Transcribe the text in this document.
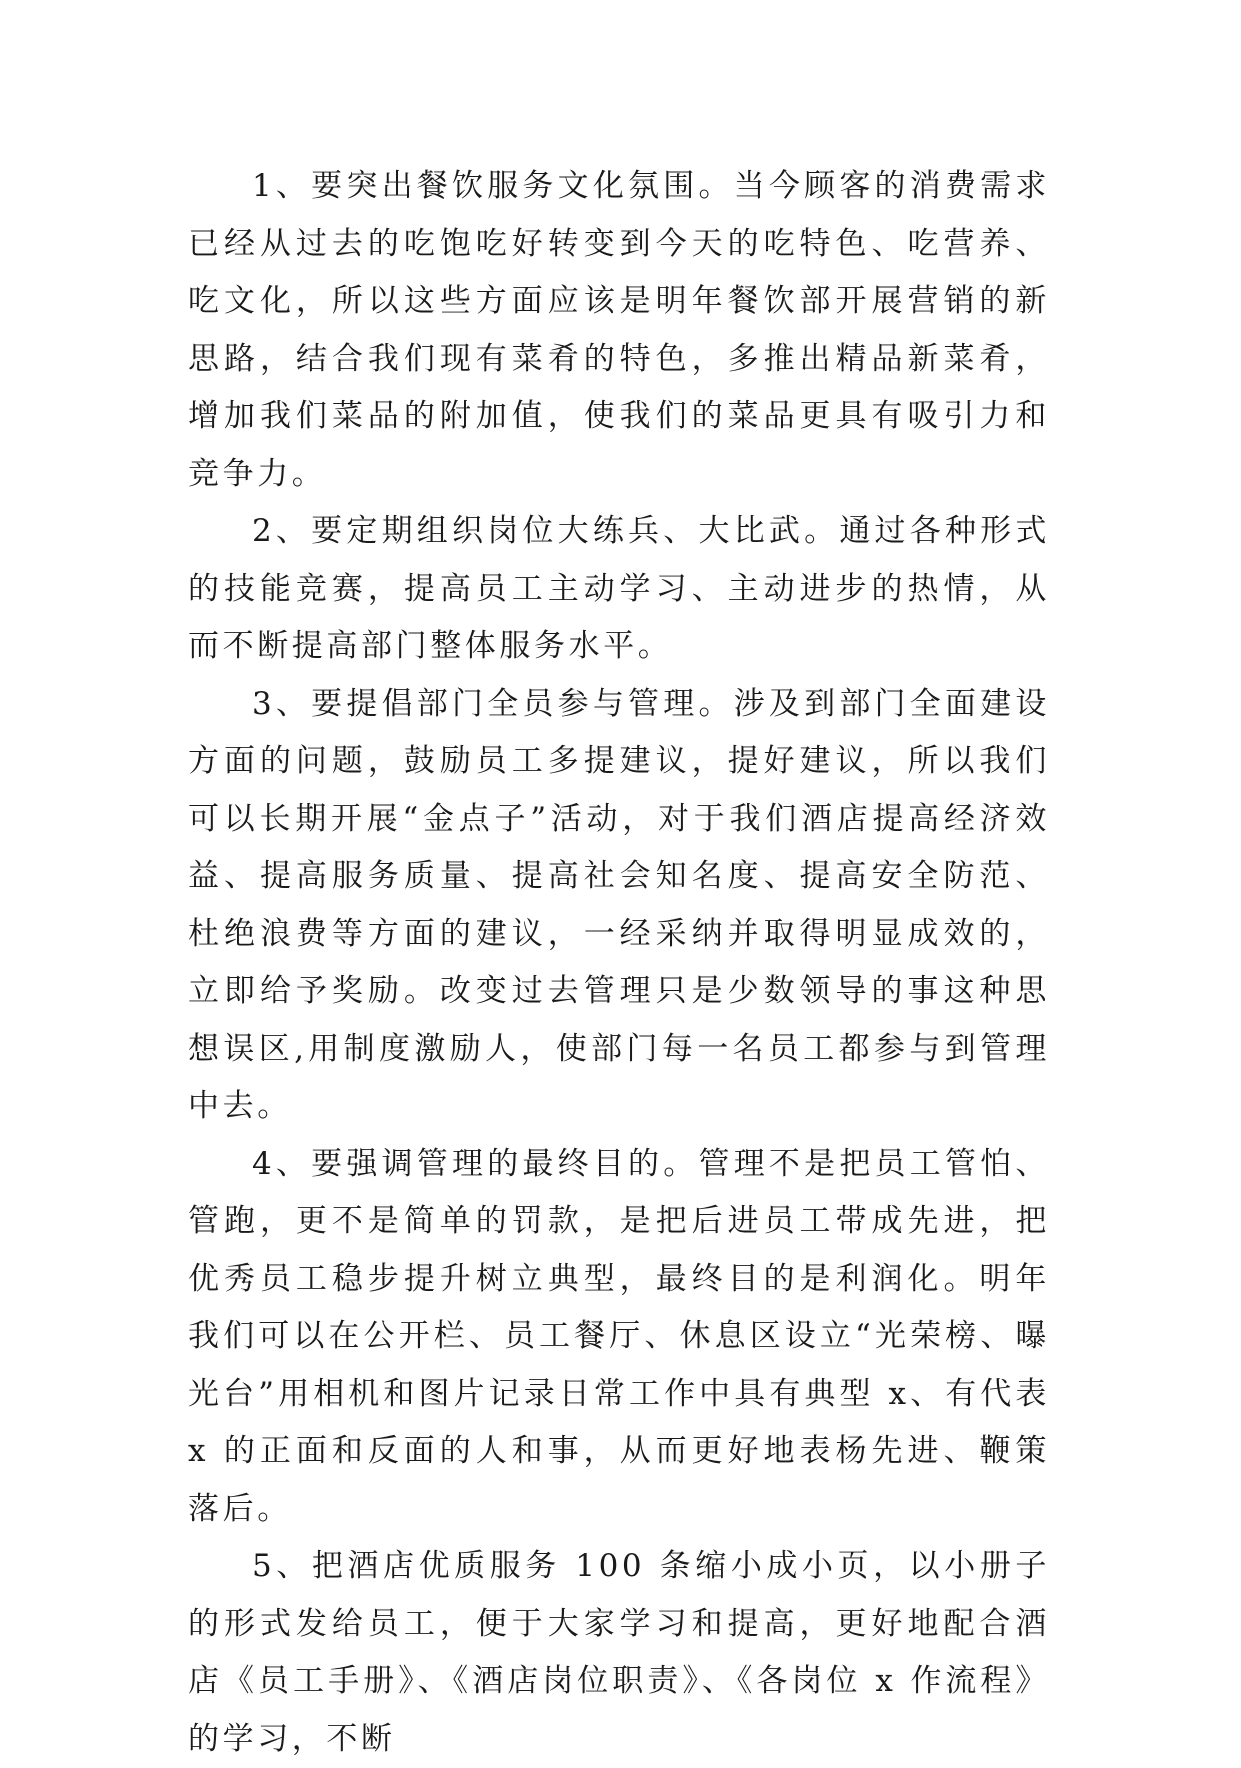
1、要突出餐饮服务文化氛围。当今顾客的消费需求已经从过去的吃饱吃好转变到今天的吃特色、吃营养、吃文化，所以这些方面应该是明年餐饮部开展营销的新思路，结合我们现有菜肴的特色，多推出精品新菜肴，增加我们菜品的附加值，使我们的菜品更具有吸引力和竞争力。

2、要定期组织岗位大练兵、大比武。通过各种形式的技能竞赛，提高员工主动学习、主动进步的热情，从而不断提高部门整体服务水平。

3、要提倡部门全员参与管理。涉及到部门全面建设方面的问题，鼓励员工多提建议，提好建议，所以我们可以长期开展“金点子”活动，对于我们酒店提高经济效益、提高服务质量、提高社会知名度、提高安全防范、杜绝浪费等方面的建议，一经采纳并取得明显成效的，立即给予奖励。改变过去管理只是少数领导的事这种思想误区,用制度激励人，使部门每一名员工都参与到管理中去。

4、要强调管理的最终目的。管理不是把员工管怕、管跑，更不是简单的罚款，是把后进员工带成先进，把优秀员工稳步提升树立典型，最终目的是利润化。明年我们可以在公开栏、员工餐厅、休息区设立“光荣榜、曝光台”用相机和图片记录日常工作中具有典型 x、有代表 x 的正面和反面的人和事，从而更好地表杨先进、鞭策落后。

5、把酒店优质服务 100 条缩小成小页，以小册子的形式发给员工，便于大家学习和提高，更好地配合酒店《员工手册》、《酒店岗位职责》、《各岗位 x 作流程》的学习，不断
